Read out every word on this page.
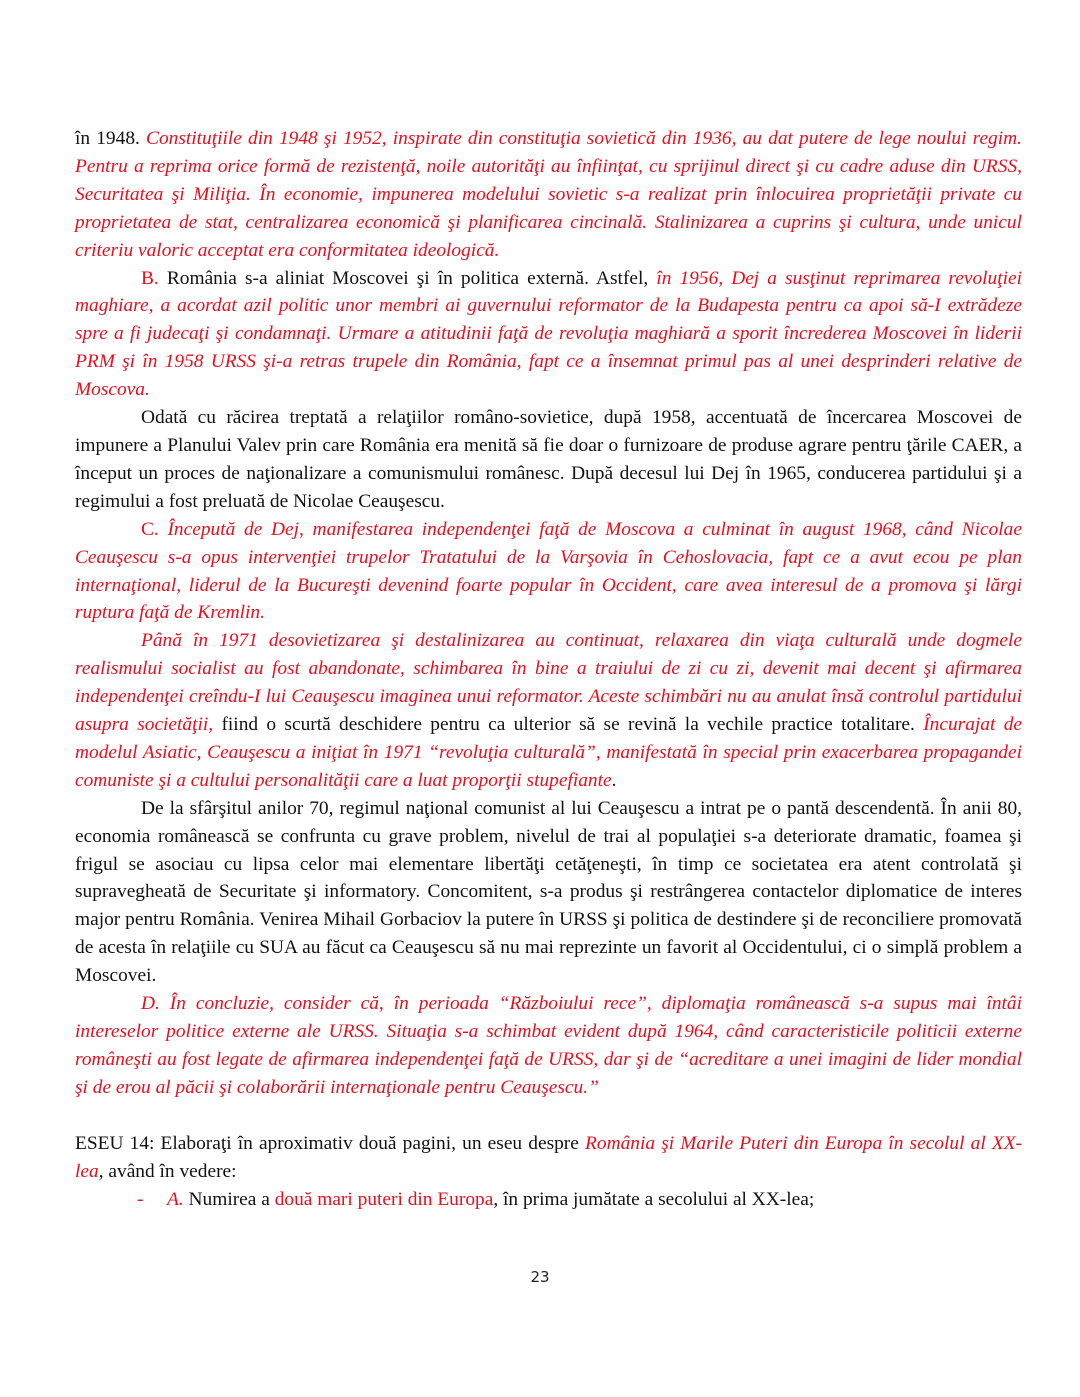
în 1948. Constituţiile din 1948 şi 1952, inspirate din constituţia sovietică din 1936, au dat putere de lege noului regim. Pentru a reprima orice formă de rezistenţă, noile autorităţi au înfiinţat, cu sprijinul direct şi cu cadre aduse din URSS, Securitatea şi Miliţia. În economie, impunerea modelului sovietic s-a realizat prin înlocuirea proprietăţii private cu proprietatea de stat, centralizarea economică şi planificarea cincinală. Stalinizarea a cuprins şi cultura, unde unicul criteriu valoric acceptat era conformitatea ideologică.

B. România s-a aliniat Moscovei şi în politica externă. Astfel, în 1956, Dej a susţinut reprimarea revoluţiei maghiare, a acordat azil politic unor membri ai guvernului reformator de la Budapesta pentru ca apoi să-I extrădeze spre a fi judecaţi şi condamnaţi. Urmare a atitudinii faţă de revoluţia maghiară a sporit încrederea Moscovei în liderii PRM şi în 1958 URSS şi-a retras trupele din România, fapt ce a însemnat primul pas al unei desprinderi relative de Moscova.

Odată cu răcirea treptată a relaţiilor româno-sovietice, după 1958, accentuată de încercarea Moscovei de impunere a Planului Valev prin care România era menită să fie doar o furnizoare de produse agrare pentru ţările CAER, a început un proces de naţionalizare a comunismului românesc. După decesul lui Dej în 1965, conducerea partidului şi a regimului a fost preluată de Nicolae Ceauşescu.

C. Începută de Dej, manifestarea independenţei faţă de Moscova a culminat în august 1968, când Nicolae Ceauşescu s-a opus intervenţiei trupelor Tratatului de la Varşovia în Cehoslovacia, fapt ce a avut ecou pe plan internaţional, liderul de la Bucureşti devenind foarte popular în Occident, care avea interesul de a promova şi lărgi ruptura faţă de Kremlin.

Până în 1971 desovietizarea şi destalinizarea au continuat, relaxarea din viaţa culturală unde dogmele realismului socialist au fost abandonate, schimbarea în bine a traiului de zi cu zi, devenit mai decent şi afirmarea independenţei creîndu-I lui Ceauşescu imaginea unui reformator. Aceste schimbări nu au anulat însă controlul partidului asupra societăţii, fiind o scurtă deschidere pentru ca ulterior să se revină la vechile practice totalitare. Încurajat de modelul Asiatic, Ceauşescu a iniţiat în 1971 “revoluţia culturală”, manifestată în special prin exacerbarea propagandei comuniste şi a cultului personalităţii care a luat proporţii stupefiante.

De la sfârşitul anilor 70, regimul naţional comunist al lui Ceauşescu a intrat pe o pantă descendentă. În anii 80, economia românească se confrunta cu grave problem, nivelul de trai al populaţiei s-a deteriorate dramatic, foamea şi frigul se asociau cu lipsa celor mai elementare libertăţi cetăţeneşti, în timp ce societatea era atent controlată şi supravegheată de Securitate şi informatory. Concomitent, s-a produs şi restrângerea contactelor diplomatice de interes major pentru România. Venirea Mihail Gorbaciov la putere în URSS şi politica de destindere şi de reconciliere promovată de acesta în relaţiile cu SUA au făcut ca Ceauşescu să nu mai reprezinte un favorit al Occidentului, ci o simplă problem a Moscovei.

D. În concluzie, consider că, în perioada “Războiului rece”, diplomaţia românească s-a supus mai întâi intereselor politice externe ale URSS. Situaţia s-a schimbat evident după 1964, când caracteristicile politicii externe româneşti au fost legate de afirmarea independenţei faţă de URSS, dar şi de “acreditare a unei imagini de lider mondial şi de erou al păcii şi colaborării internaţionale pentru Ceauşescu.”

ESEU 14: Elaboraţi în aproximativ două pagini, un eseu despre România şi Marile Puteri din Europa în secolul al XX-lea, având în vedere:

- A. Numirea a două mari puteri din Europa, în prima jumătate a secolului al XX-lea;

23
